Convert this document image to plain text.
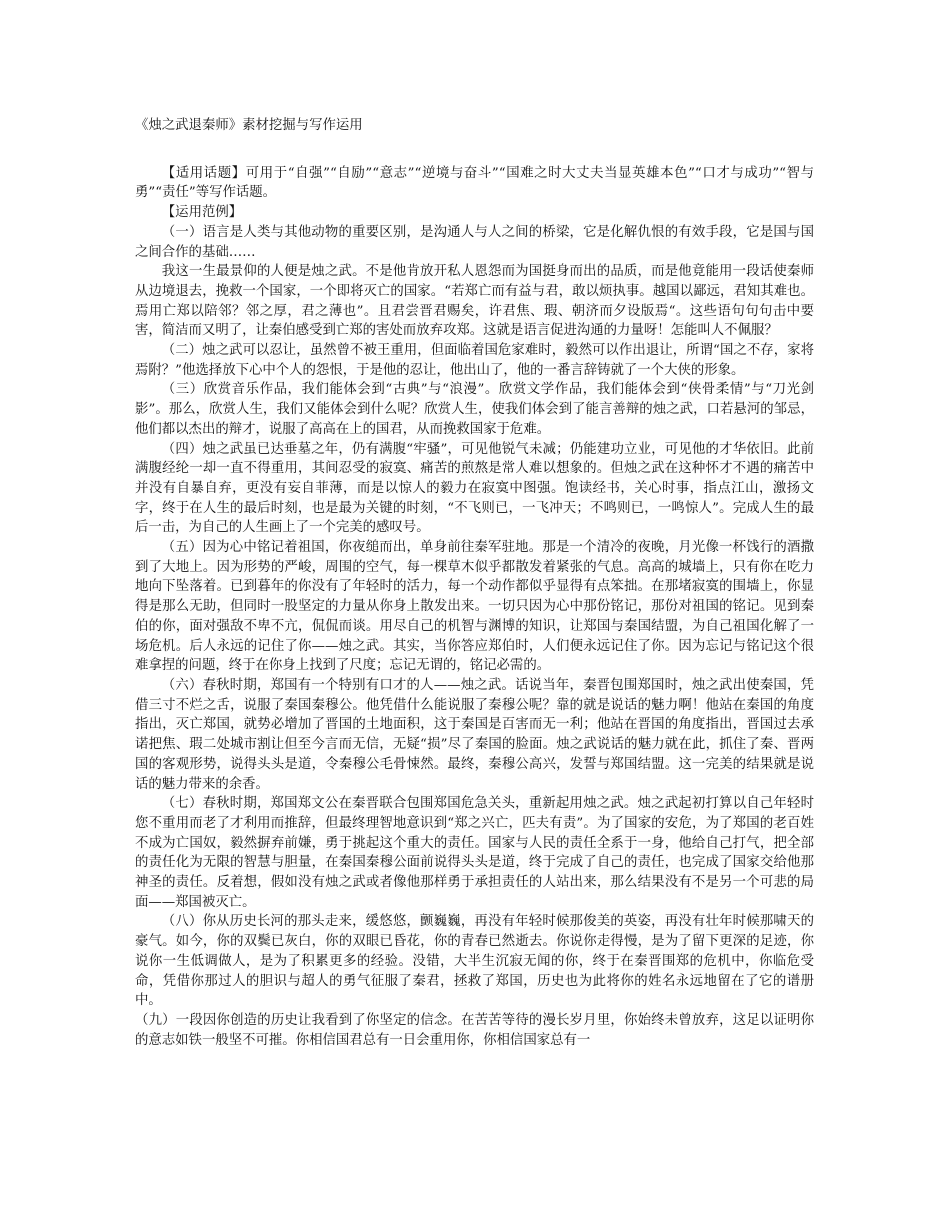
《烛之武退秦师》素材挖掘与写作运用

【适用话题】可用于“自强”“自励”“意志”“逆境与奋斗”“国难之时大丈夫当显英雄本色”“口才与成功”“智与勇”“责任”等写作话题。

【运用范例】

（一）语言是人类与其他动物的重要区别，是沟通人与人之间的桥梁，它是化解仇恨的有效手段，它是国与国之间合作的基础……

我这一生最景仰的人便是烛之武。不是他肯放开私人恩怨而为国挺身而出的品质，而是他竟能用一段话使秦师从边境退去，挽救一个国家，一个即将灭亡的国家。“若郑亡而有益与君，敢以烦执事。越国以鄙远，君知其难也。焉用亡郑以陪邻？邻之厚，君之薄也”。且君尝晋君赐矣，许君焦、瑕、朝济而夕设版焉“。这些语句句句击中要害，简洁而又明了，让秦伯感受到亡郑的害处而放弃攻郑。这就是语言促进沟通的力量呀！怎能叫人不佩服？

（二）烛之武可以忍让，虽然曾不被王重用，但面临着国危家难时，毅然可以作出退让，所谓“国之不存，家将焉附？”他选择放下心中个人的怨恨，于是他的忍让，他出山了，他的一番言辞铸就了一个大侠的形象。

（三）欣赏音乐作品，我们能体会到“古典”与“浪漫”。欣赏文学作品，我们能体会到“侠骨柔情”与“刀光剑影”。那么，欣赏人生，我们又能体会到什么呢？欣赏人生，使我们体会到了能言善辩的烛之武，口若悬河的邹忌，他们都以杰出的辩才，说服了高高在上的国君，从而挽救国家于危难。

（四）烛之武虽已达垂墓之年，仍有满腹“牢骚”，可见他锐气未减；仍能建功立业，可见他的才华依旧。此前满腹经纶一却一直不得重用，其间忍受的寂寞、痛苦的煎熬是常人难以想象的。但烛之武在这种怀才不遇的痛苦中并没有自暴自弃，更没有妄自菲薄，而是以惊人的毅力在寂寞中图强。饱读经书，关心时事，指点江山，激扬文字，终于在人生的最后时刻，也是最为关键的时刻，“不飞则已，一飞冲天；不鸣则已，一鸣惊人”。完成人生的最后一击，为自己的人生画上了一个完美的感叹号。

（五）因为心中铭记着祖国，你夜缒而出，单身前往秦军驻地。那是一个清冷的夜晚，月光像一杯饯行的酒撒到了大地上。因为形势的严峻，周围的空气，每一棵草木似乎都散发着紧张的气息。高高的城墙上，只有你在吃力地向下坠落着。已到暮年的你没有了年轻时的活力，每一个动作都似乎显得有点笨拙。在那堵寂寞的围墙上，你显得是那么无助，但同时一股坚定的力量从你身上散发出来。一切只因为心中那份铭记，那份对祖国的铭记。见到秦伯的你，面对强敌不卑不亢，侃侃而谈。用尽自己的机智与渊博的知识，让郑国与秦国结盟，为自己祖国化解了一场危机。后人永远的记住了你——烛之武。其实，当你答应郑伯时，人们便永远记住了你。因为忘记与铭记这个很难拿捏的问题，终于在你身上找到了尺度；忘记无谓的，铭记必需的。

（六）春秋时期，郑国有一个特别有口才的人——烛之武。话说当年，秦晋包围郑国时，烛之武出使秦国，凭借三寸不烂之舌，说服了秦国秦穆公。他凭借什么能说服了秦穆公呢？靠的就是说话的魅力啊！他站在秦国的角度指出，灭亡郑国，就势必增加了晋国的土地面积，这于秦国是百害而无一利；他站在晋国的角度指出，晋国过去承诺把焦、瑕二处城市割让但至今言而无信，无疑“损”尽了秦国的脸面。烛之武说话的魅力就在此，抓住了秦、晋两国的客观形势，说得头头是道，令秦穆公毛骨悚然。最终，秦穆公高兴，发誓与郑国结盟。这一完美的结果就是说话的魅力带来的余香。

（七）春秋时期，郑国郑文公在秦晋联合包围郑国危急关头，重新起用烛之武。烛之武起初打算以自己年轻时您不重用而老了才利用而推辞，但最终理智地意识到“郑之兴亡，匹夫有责”。为了国家的安危，为了郑国的老百姓不成为亡国奴，毅然摒弃前嫌，勇于挑起这个重大的责任。国家与人民的责任全系于一身，他给自己打气，把全部的责任化为无限的智慧与胆量，在秦国秦穆公面前说得头头是道，终于完成了自己的责任，也完成了国家交给他那神圣的责任。反着想，假如没有烛之武或者像他那样勇于承担责任的人站出来，那么结果没有不是另一个可悲的局面——郑国被灭亡。

（八）你从历史长河的那头走来，缓悠悠，颤巍巍，再没有年轻时候那俊美的英姿，再没有壮年时候那啸天的豪气。如今，你的双鬓已灰白，你的双眼已昏花，你的青春已然逝去。你说你走得慢，是为了留下更深的足迹，你说你一生低调做人，是为了积累更多的经验。没错，大半生沉寂无闻的你，终于在秦晋围郑的危机中，你临危受命，凭借你那过人的胆识与超人的勇气征服了秦君，拯救了郑国，历史也为此将你的姓名永远地留在了它的谱册中。

（九）一段因你创造的历史让我看到了你坚定的信念。在苦苦等待的漫长岁月里，你始终未曾放弃，这足以证明你的意志如铁一般坚不可摧。你相信国君总有一日会重用你，你相信国家总有一
